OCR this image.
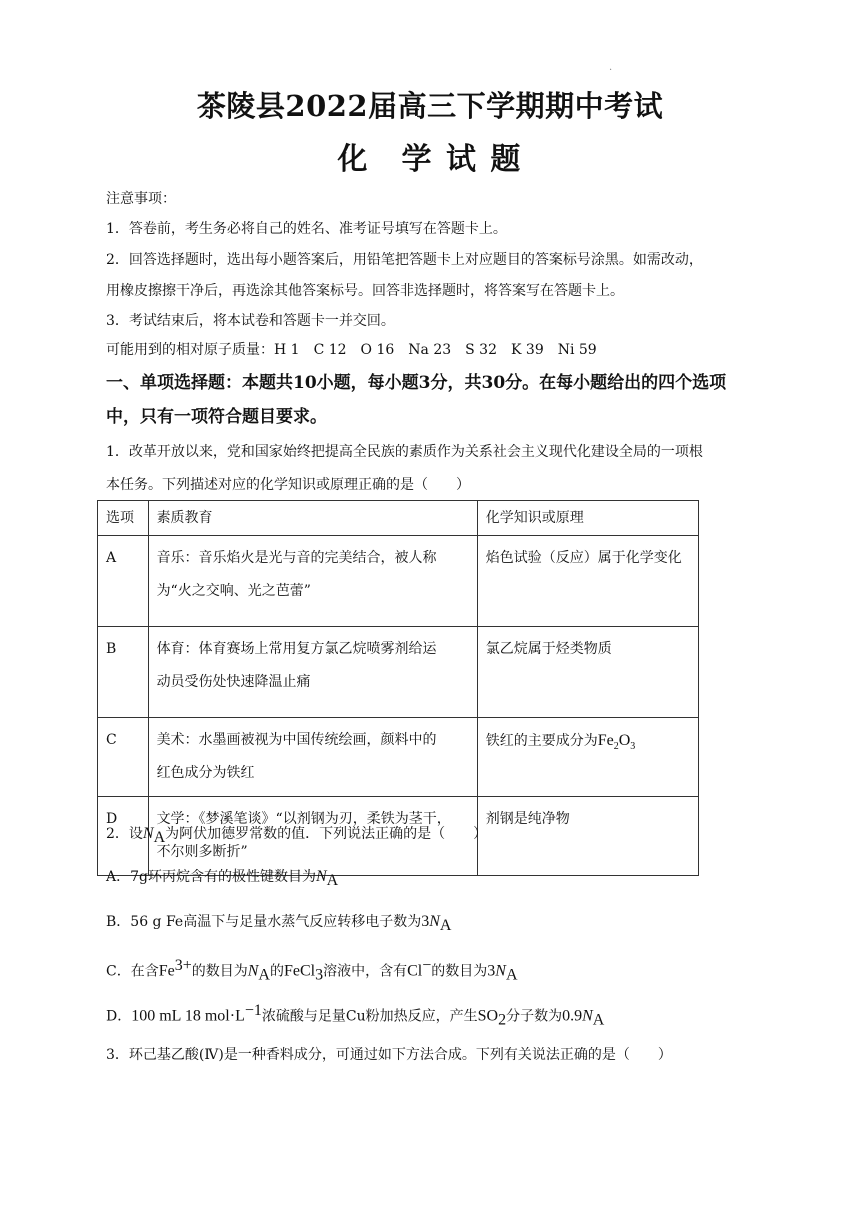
.
茶陵县2022届高三下学期期中考试
化　学 试 题
注意事项：
1．答卷前，考生务必将自己的姓名、准考证号填写在答题卡上。
2．回答选择题时，选出每小题答案后，用铅笔把答题卡上对应题目的答案标号涂黑。如需改动，
用橡皮擦擦干净后，再选涂其他答案标号。回答非选择题时，将答案写在答题卡上。
3．考试结束后，将本试卷和答题卡一并交回。
可能用到的相对原子质量：H 1　C 12　O 16　Na 23　S 32　K 39　Ni 59
一、单项选择题：本题共10小题，每小题3分，共30分。在每小题给出的四个选项
中，只有一项符合题目要求。
1．改革开放以来，党和国家始终把提高全民族的素质作为关系社会主义现代化建设全局的一项根
本任务。下列描述对应的化学知识或原理正确的是（　　）
选项	素质教育	化学知识或原理
A	音乐：音乐焰火是光与音的完美结合，被人称
为“火之交响、光之芭蕾”	焰色试验（反应）属于化学变化
B	体育：体育赛场上常用复方氯乙烷喷雾剂给运
动员受伤处快速降温止痛	氯乙烷属于烃类物质
C	美术：水墨画被视为中国传统绘画，颜料中的
红色成分为铁红	铁红的主要成分为$Fe_2O_3$
D	文学：《梦溪笔谈》“以剂钢为刃，柔铁为茎干，
不尔则多断折”	剂钢是纯净物
2．设$N_A$为阿伏加德罗常数的值．下列说法正确的是（　　）
A．7g环丙烷含有的极性键数目为$N_A$
B．56 g Fe高温下与足量水蒸气反应转移电子数为$3N_A$
C．在含$Fe^{3+}$的数目为$N_A$的FeCl$_3$溶液中，含有Cl−的数目为$3N_A$
D．100 mL 18 $mol\cdot L^{-1}$浓硫酸与足量Cu粉加热反应，产生$SO_2$分子数为$0.9N_A$
3．环己基乙酸(Ⅳ)是一种香料成分，可通过如下方法合成。下列有关说法正确的是（　　）
